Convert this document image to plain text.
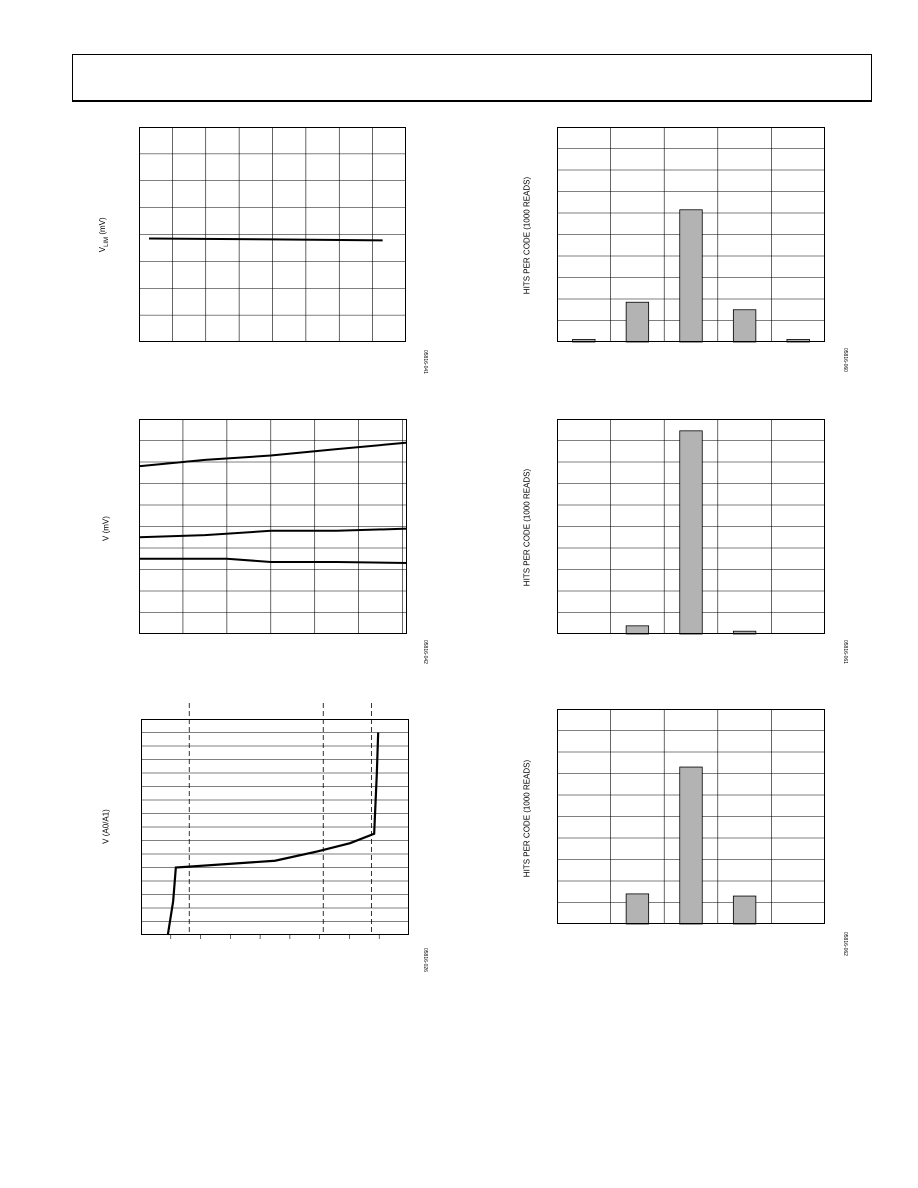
$V_{LIM}$ (mV)
05816-041
V (mV)
05816-042
V (A0/A1)
05816-026
HITS PER CODE (1000 READS)
05816-060
HITS PER CODE (1000 READS)
05816-061
HITS PER CODE (1000 READS)
05816-062
